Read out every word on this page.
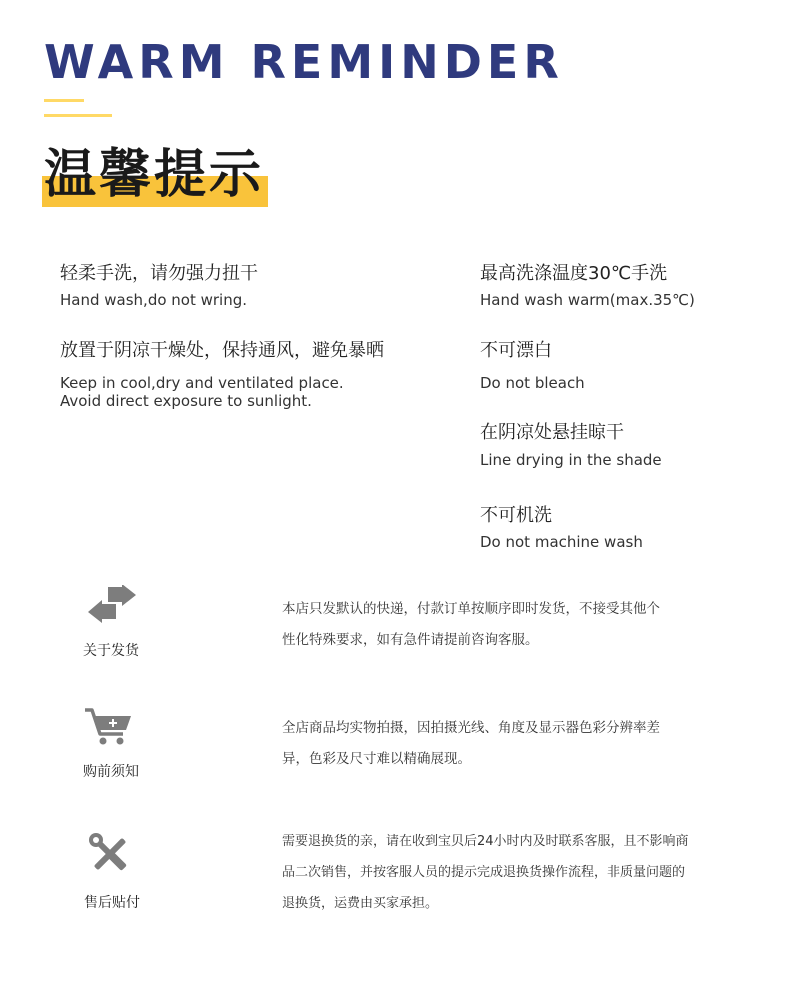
WARM REMINDER
温馨提示
轻柔手洗，请勿强力扭干
Hand wash,do not wring.
放置于阴凉干燥处，保持通风，避免暴晒
Keep in cool,dry and ventilated place.
Avoid direct exposure to sunlight.
最高洗涤温度30℃手洗
Hand wash warm(max.35℃)
不可漂白
Do not bleach
在阴凉处悬挂晾干
Line drying in the shade
不可机洗
Do not machine wash
关于发货
本店只发默认的快递，付款订单按顺序即时发货，不接受其他个
性化特殊要求，如有急件请提前咨询客服。
购前须知
全店商品均实物拍摄，因拍摄光线、角度及显示器色彩分辨率差
异，色彩及尺寸难以精确展现。
售后贴付
需要退换货的亲，请在收到宝贝后24小时内及时联系客服，且不影响商
品二次销售，并按客服人员的提示完成退换货操作流程，非质量问题的
退换货，运费由买家承担。
